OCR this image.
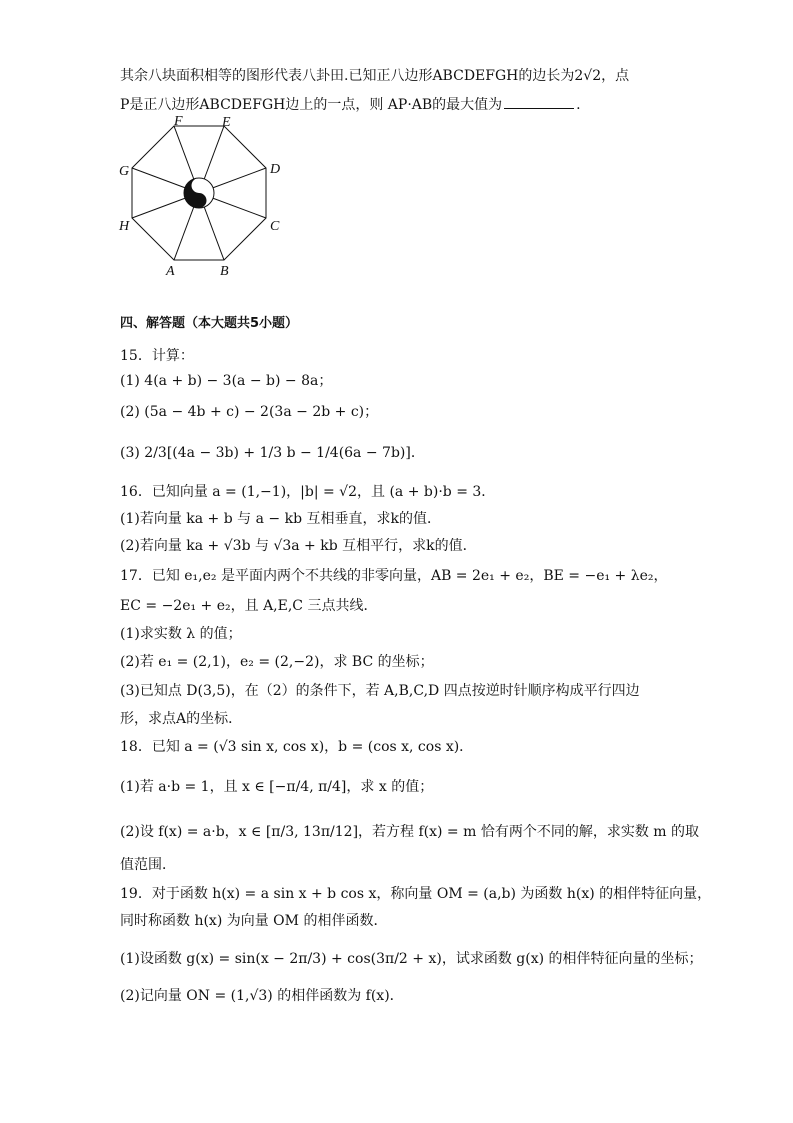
其余八块面积相等的图形代表八卦田.已知正八边形ABCDEFGH的边长为2√2，点
P是正八边形ABCDEFGH边上的一点，则 AP·AB的最大值为	.
F	E
G	D
H	C
A	B
四、解答题（本大题共5小题）
15．计算：
(1) 4(a + b) − 3(a − b) − 8a；
(2) (5a − 4b + c) − 2(3a − 2b + c)；
(3) 2/3[(4a − 3b) + 1/3 b − 1/4(6a − 7b)]．
16．已知向量 a = (1,−1)，|b| = √2，且 (a + b)·b = 3．
(1)若向量 ka + b 与 a − kb 互相垂直，求k的值．
(2)若向量 ka + √3b 与 √3a + kb 互相平行，求k的值．
17．已知 e₁,e₂ 是平面内两个不共线的非零向量，AB = 2e₁ + e₂，BE = −e₁ + λe₂，
EC = −2e₁ + e₂，且 A,E,C 三点共线．
(1)求实数 λ 的值；
(2)若 e₁ = (2,1)，e₂ = (2,−2)，求 BC 的坐标；
(3)已知点 D(3,5)，在（2）的条件下，若 A,B,C,D 四点按逆时针顺序构成平行四边
形，求点A的坐标．
18．已知 a = (√3 sin x, cos x)，b = (cos x, cos x)．
(1)若 a·b = 1，且 x ∈ [−π/4, π/4]，求 x 的值；
(2)设 f(x) = a·b，x ∈ [π/3, 13π/12]，若方程 f(x) = m 恰有两个不同的解，求实数 m 的取
值范围．
19．对于函数 h(x) = a sin x + b cos x，称向量 OM = (a,b) 为函数 h(x) 的相伴特征向量，
同时称函数 h(x) 为向量 OM 的相伴函数．
(1)设函数 g(x) = sin(x − 2π/3) + cos(3π/2 + x)，试求函数 g(x) 的相伴特征向量的坐标；
(2)记向量 ON = (1,√3) 的相伴函数为 f(x)．
